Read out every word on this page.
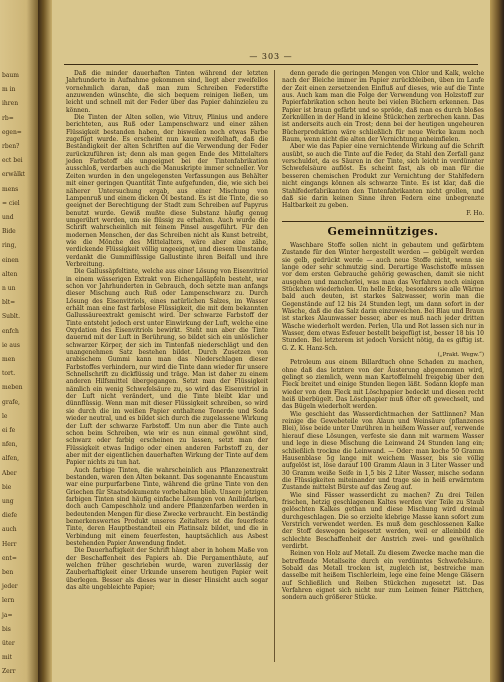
baum
m in
ihren
rb=
egen=
rben?
ect bei
erwälkt
mens
= ciel
und
Bide
ring,
einen
alten
n un
blt=
Sublt.
enfch
ie aus
men
tort.
meben
grafe,
le
ei fe
nfen,
alfen,
Aber
bie
ung
diefe
auch
Herr
ent=
ben
jeder
lern
ja=
bis
üter
mit
Zerr
— 303 —

Daß die minder dauerhaften Tinten während der letzten Jahrhunderte in Aufnahme gekommen sind, liegt aber zweifellos vornehmlich daran, daß man zum Schreiben Federstifte anzuwenden wünschte, die sich bequem reinigen ließen, um leicht und schnell mit der Feder über das Papier dahinzieleu zu können.

Die Tinten der Alten sollen, wie Vitruv, Plinius und andere berichteten, aus Ruß oder Lampenschwarz und einer zähen Flüssigkeit bestanden haben, der bisweilen noch etwas Farbe zugefügt wurde. Es erscheint nun kaum zweifelhaft, daß die Beständigkeit der alten Schriften auf die Verwendung der Feder zurückzuführen ist; denn als man gegen Ende des Mittelalters jeden Farbstoff als ungeeignet bei der Tintenfabrikation ausschloß, verdarben auch die Manuskripte immer schneller. Vor Zeiten wurden in den ungelegensten Verfassungen aus Behälter mit einer geringen Quantität Tinte aufgefunden, die, wie sich bei näherer Untersuchung ergab, aus einer Mischung von Lampenruß und einem dicken Öl bestand. Es ist die Tinte, die so geeignet der Berechtigung der Stadt zum Schreiben auf Papyrus benutzt wurde. Gewiß mußte diese Substanz häufig genug umgerührt werden, um sie flüssig zu erhalten. Auch wurde die Schrift wahrscheinlich mit feinem Pinsel ausgeführt. Für den modernen Menschen, der das Schreiben nicht als Kunst betreibt, wie die Mönche des Mittelalters, wäre aber eine zähe, verdickende Flüssigkeit völlig ungeeignet, und diesem Umstande verdankt die Gummiflüssige Gallustinte ihren Beifall und ihre Verbreitung.

Die Gallussäpfeltinte, welche aus einer Lösung von Eisenvitriol in einem wässerigen Extrakt von Eichengalläpfeln besteht, war schon vor Jahrhunderten in Gebrauch, doch setzte man anfangs dieser Mischung auch Ruß oder Lampenschwarz zu. Durch Lösung des Eisenvitriols, eines natürlichen Salzes, im Wasser erhält man eine fast farblose Flüssigkeit, die mit dem bekannten Gallussäureextrakt gemischt wird. Der schwarze Farbstoff der Tinte entsteht jedoch erst unter Einwirkung der Luft, welche eine Oxydation des Eisenvitriols bewirkt. Steht nun aber die Tinte dauernd mit der Luft in Berührung, so bildet sich ein unlöslicher schwarzer Körper, der sich im Tintenfaß niederschlägt und den unangenehmen Satz bestehen bildet. Durch Zusetzen von arabischem Gummi kann man das Niederschlagen dieser Farbstoffes verhindern, nur wird die Tinte dann wieder für unsere Schnellschrift zu dickflüssig und träge. Man ist daher zu einem anderen Hilfsmittel übergegangen. Setzt man der Flüssigkeit nämlich ein wenig Schwefelsäure zu, so wird das Eisenvitriol in der Luft nicht verändert, und die Tinte bleibt klar und dünnflüssig. Wenn man mit dieser Flüssigkeit schreiben, so wird sie durch die im weißen Papier enthaltene Tonerde und Soda wieder neutral, und es bildet sich durch die zugelassene Wirkung der Luft der schwarze Farbstoff. Um nun aber die Tinte auch schon beim Schreiben, wie wir es nun einmal gewöhnt sind, schwarz oder farbig erscheinen zu lassen, setzt man der Flüssigkeit etwas Indigo oder einen anderen Farbstoff zu, der aber mit der eigentlichen dauerhaften Wirkung der Tinte auf dem Papier nichts zu tun hat.

Auch farbige Tinten, die wahrscheinlich aus Pflanzenextrakt bestanden, waren den Alten bekannt. Das sogenannte Encaustum war eine purpurfarbene Tinte, während die grüne Tinte von den Griechen für Staatsdokumente vorbehalten blieb. Unsere jetzigen farbigen Tinten sind häufig einfache Lösungen von Anilinfarben, doch auch Campeschholz und andere Pflanzenfarben werden in bedeutenden Mengen für diese Zwecke verbraucht. Ein beständig bemerkenswertes Produkt unseres Zeitalters ist die feuerfeste Tinte, deren Hauptbestandteil ein Platinsalz bildet, und die in Verbindung mit einem feuerfesten, hauptsächlich aus Asbest bestehenden Papier Anwendung findet.

Die Dauerhaftigkeit der Schrift hängt aber in hohem Maße von der Beschaffenheit des Papiers ab. Die Pergamenthäute, auf welchen früher geschrieben wurde, waren zuverlässig der Zauberhaftigkeit einer Urkunde unserem heutigen Papier weit überlegen. Besser als dieses war in dieser Hinsicht auch sogar das alte ungebleichte Papier;

denn gerade die geringen Mengen von Chlor und Kalk, welche nach der Bleiche immer im Papier zurückbleiben, üben im Laufe der Zeit einen zersetzenden Einfluß auf dieses, wie auf die Tinte aus. Auch kam man die Folge der Verwendung von Holzstoff zur Papierfabrikation schon heute bei vielen Büchern erkennen. Das Papier ist braun gefärbt und so spröde, daß man es durch bloßes Zerknüllen in der Hand in kleine Stückchen zerbrechen kann. Das ist anderseits auch ein Trost; denn bei der heutigen ungeheuren Bücherproduktion wäre schließlich für neue Werke kaum noch Raum, wenn nicht die alten der Vernichtung anheimfielen.

Aber wie das Papier eine vernichtende Wirkung auf die Schrift ausübt, so auch die Tinte auf die Feder, da Stahl den Zerfall ganz verschuldet, da es Säuren in der Tinte, sich leicht in verdünnter Schwefelsäure auflöst. Es scheint fast, als ob man für die besseren chemischen Produkt zur Vernichtung der Stahlfedern nicht eingangs können als schwarze Tinte. Es ist klar, daß die Stahlfederfabrikanten den Tintenfabrikanten nicht grollen, und daß sie darin keinen Sinne ihren Federn eine unbegrenzte Haltbarkeit zu geben.

F. Ho.

Gemeinnütziges.

Waschbare Stoffe sollen nicht in gebautem und gefärbtem Zustande für den Winter hergestellt werden — gebügelt werden sie gelb, gedrückt werde — auch neue Stoffe nicht, wenn sie lange oder sehr schmutzig sind. Derartige Waschstoffe müssen vor dem ersten Gebrauche gehörig gewaschen, damit sie nicht ausgehen und mancherlei, was man das Verfahren noch einigen Stückchen wiederholen. Um helle Ecke, besonders sie alle Wärme bald auch deuten, ist starkes Salzwasser, worin man die Gegenstände auf 12 bis 24 Stunden legt, um dann sofort in der Wäsche, daß die das Salz darin einzuweichen. Bei Blau und Braun ist starkes Alaunwasser besser, aber es muß nach jeder dritten Wäsche wiederholt werden. Perlen, Ula und Rot lassen sich nur in Wasser, dem etwas Esfeuer bestellt beigefügt ist, besser 18 bis 10 Stunden. Bei letzterem ist jedoch Vorsicht nötig, da es giftig ist. G. Z. K. Hanz-Sch.

(„Prakt. Wegw.“)

Petroleum aus einem Billardtuch ohne Schaden zu machen, ohne daß das letztere von der Äusterung abgenommen wird, gelingt so ziemlich, wenn man Kartoffelmehl freigebig über den Fleck breitet und einige Stunden liegen läßt. Sodann klopfe man wieder von dem Fleck mit Löschpapier bedeckt und diesen recht heiß überbügelt. Das Löschpapier muß öfter oft gewechselt, und das Bügeln wiederholt werden.

Wie geschieht das Wasserdichtmachen der Sattlinnen? Man reinige die Gewebeteile von Alaun und Weinsäure (pflanzenes Blei), löse beide unter Umrühren in heißem Wasser auf, verwende hierauf diese Lösungen, verfeste sie dann mit warmem Wasser und lege in diese Mischung die Leinwand 24 Stunden lang ein; schließlich trockne die Leinwand. — Oder: man koche 50 Gramm Hausenblase 5g lange mit weichem Wasser, bis sie völlig aufgelöst ist, löse darauf 100 Gramm Alaun in 3 Liter Wasser und 30 Gramm weiße Seife in 1,5 bis 2 Liter Wasser, mische sodann die Flüssigkeiten miteinander und trage sie in heiß erwärmtem Zustande mittelst Bürste auf das Zeug auf.

Wie sind Fässer wasserdicht zu machen? Zu drei Teilen frischen, hetzig geschlagenen Kaltes werden vier Teile zu Staub gelöschten Kalkes gethan und diese Mischung wird dreimal durchgeschlagen. Die so erzielte klebrige Masse kann sofort zum Verstrich verwendet werden. Es muß dem geschlossenen Kalke der Stoff deswegen beigesetzt werden, weil er alleinbild die schlechte Beschaffenheit der Anstrich zwei- und gewöhnlich verdirbt.

Reinen von Holz auf Metall. Zu diesem Zwecke mache man die betreffende Metallseite durch ein verdünntes Schwefelsäure. Sobald das Metall trocken ist, zugleich ist, bestreiche man dasselbe mit heißem Tischlerleim, lege eine feine Menge Gläsern auf Schließlich und Reiben Stückchen zugesetzt ist. Das Verfahren eignet sich nicht nur zum Leimen feiner Plättchen, sondern auch größerer Stücke.
